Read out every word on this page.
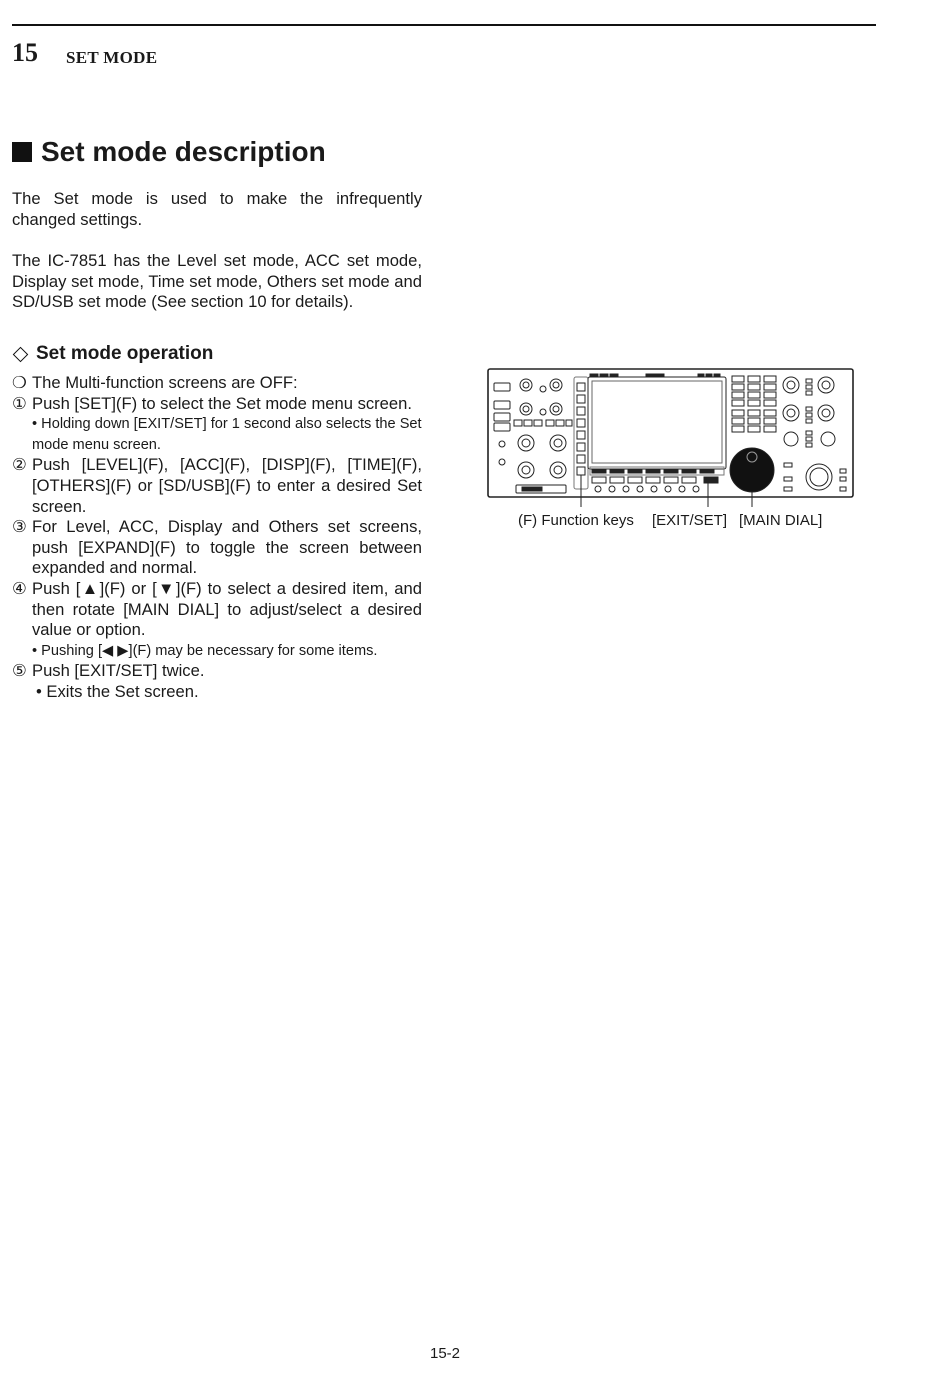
15 SET MODE
Set mode description
The Set mode is used to make the infrequently changed settings.
The IC-7851 has the Level set mode, ACC set mode, Display set mode, Time set mode, Others set mode and SD/USB set mode (See section 10 for details).
Set mode operation
❍ The Multi-function screens are OFF:
① Push [SET](F) to select the Set mode menu screen.
• Holding down [EXIT/SET] for 1 second also selects the Set mode menu screen.
② Push [LEVEL](F), [ACC](F), [DISP](F), [TIME](F), [OTHERS](F) or [SD/USB](F) to enter a desired Set screen.
③ For Level, ACC, Display and Others set screens, push [EXPAND](F) to toggle the screen between expanded and normal.
④ Push [▲](F) or [▼](F) to select a desired item, and then rotate [MAIN DIAL] to adjust/select a desired value or option.
• Pushing [◀ ▶](F) may be necessary for some items.
⑤ Push [EXIT/SET] twice.
• Exits the Set screen.
(F) Function keys [EXIT/SET] [MAIN DIAL]
15-2
